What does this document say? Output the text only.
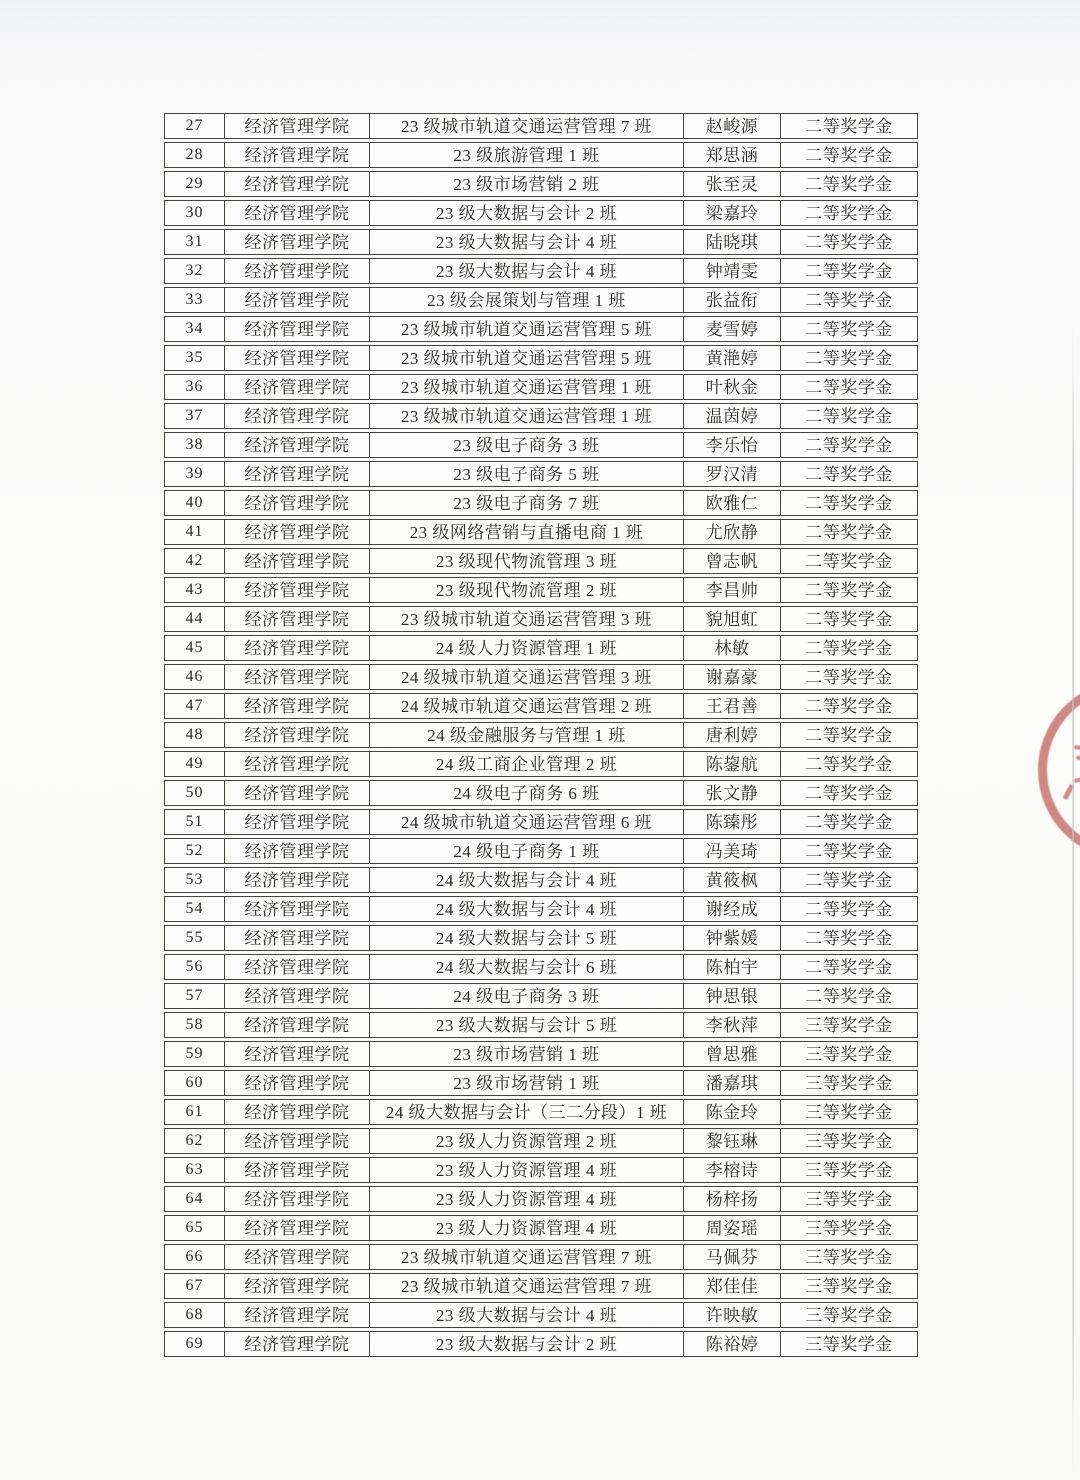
27	经济管理学院	23 级城市轨道交通运营管理 7 班	赵峻源	二等奖学金
28	经济管理学院	23 级旅游管理 1 班	郑思涵	二等奖学金
29	经济管理学院	23 级市场营销 2 班	张至灵	二等奖学金
30	经济管理学院	23 级大数据与会计 2 班	梁嘉玲	二等奖学金
31	经济管理学院	23 级大数据与会计 4 班	陆晓琪	二等奖学金
32	经济管理学院	23 级大数据与会计 4 班	钟靖雯	二等奖学金
33	经济管理学院	23 级会展策划与管理 1 班	张益衔	二等奖学金
34	经济管理学院	23 级城市轨道交通运营管理 5 班	麦雪婷	二等奖学金
35	经济管理学院	23 级城市轨道交通运营管理 5 班	黄滟婷	二等奖学金
36	经济管理学院	23 级城市轨道交通运营管理 1 班	叶秋金	二等奖学金
37	经济管理学院	23 级城市轨道交通运营管理 1 班	温茵婷	二等奖学金
38	经济管理学院	23 级电子商务 3 班	李乐怡	二等奖学金
39	经济管理学院	23 级电子商务 5 班	罗汉清	二等奖学金
40	经济管理学院	23 级电子商务 7 班	欧雅仁	二等奖学金
41	经济管理学院	23 级网络营销与直播电商 1 班	尤欣静	二等奖学金
42	经济管理学院	23 级现代物流管理 3 班	曾志帆	二等奖学金
43	经济管理学院	23 级现代物流管理 2 班	李昌帅	二等奖学金
44	经济管理学院	23 级城市轨道交通运营管理 3 班	貌旭虹	二等奖学金
45	经济管理学院	24 级人力资源管理 1 班	林敏	二等奖学金
46	经济管理学院	24 级城市轨道交通运营管理 3 班	谢嘉豪	二等奖学金
47	经济管理学院	24 级城市轨道交通运营管理 2 班	王君善	二等奖学金
48	经济管理学院	24 级金融服务与管理 1 班	唐利婷	二等奖学金
49	经济管理学院	24 级工商企业管理 2 班	陈鋆航	二等奖学金
50	经济管理学院	24 级电子商务 6 班	张文静	二等奖学金
51	经济管理学院	24 级城市轨道交通运营管理 6 班	陈臻彤	二等奖学金
52	经济管理学院	24 级电子商务 1 班	冯美琦	二等奖学金
53	经济管理学院	24 级大数据与会计 4 班	黄筱枫	二等奖学金
54	经济管理学院	24 级大数据与会计 4 班	谢经成	二等奖学金
55	经济管理学院	24 级大数据与会计 5 班	钟紫媛	二等奖学金
56	经济管理学院	24 级大数据与会计 6 班	陈柏宇	二等奖学金
57	经济管理学院	24 级电子商务 3 班	钟思银	二等奖学金
58	经济管理学院	23 级大数据与会计 5 班	李秋萍	三等奖学金
59	经济管理学院	23 级市场营销 1 班	曾思雅	三等奖学金
60	经济管理学院	23 级市场营销 1 班	潘嘉琪	三等奖学金
61	经济管理学院	24 级大数据与会计（三二分段）1 班	陈金玲	三等奖学金
62	经济管理学院	23 级人力资源管理 2 班	黎钰琳	三等奖学金
63	经济管理学院	23 级人力资源管理 4 班	李榕诗	三等奖学金
64	经济管理学院	23 级人力资源管理 4 班	杨梓扬	三等奖学金
65	经济管理学院	23 级人力资源管理 4 班	周姿瑶	三等奖学金
66	经济管理学院	23 级城市轨道交通运营管理 7 班	马佩芬	三等奖学金
67	经济管理学院	23 级城市轨道交通运营管理 7 班	郑佳佳	三等奖学金
68	经济管理学院	23 级大数据与会计 4 班	许映敏	三等奖学金
69	经济管理学院	23 级大数据与会计 2 班	陈裕婷	三等奖学金
